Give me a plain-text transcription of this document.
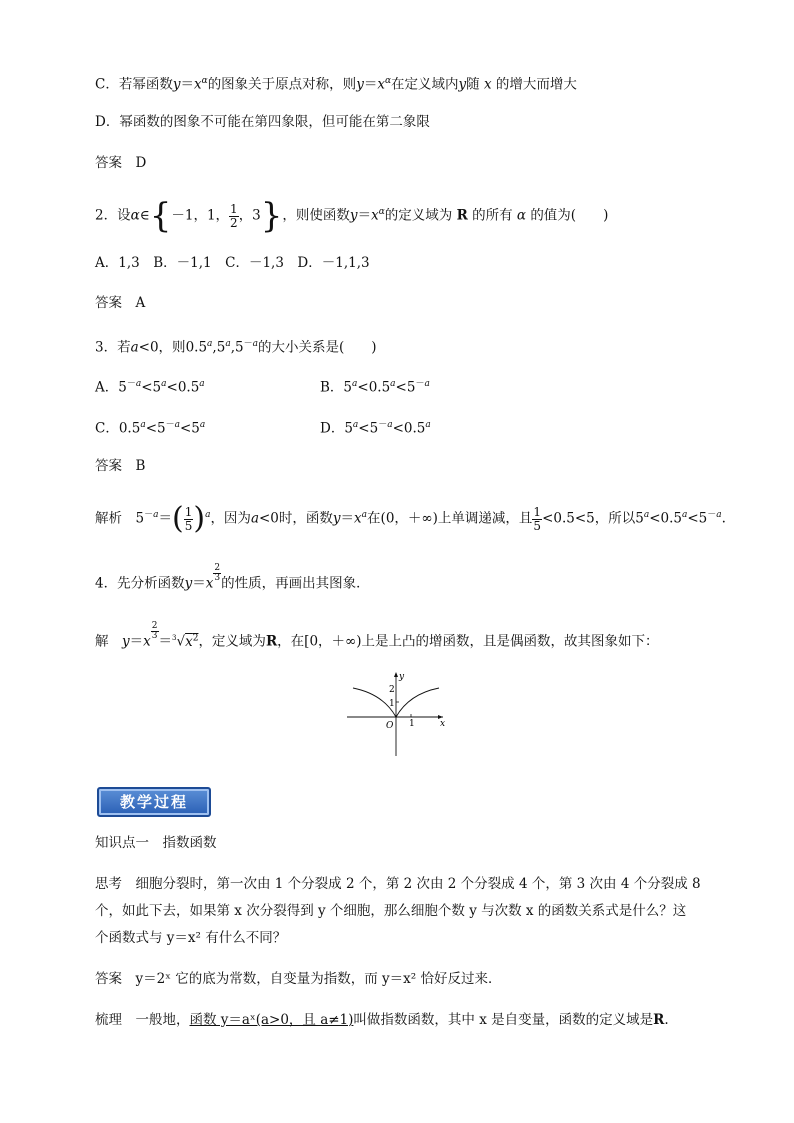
C．若幂函数$y=x^\alpha$的图象关于原点对称，则$y=x^\alpha$在定义域内y随 x 的增大而增大
D．幂函数的图象不可能在第四象限，但可能在第二象限
答案　D
2．设α∈{－1，1， $\frac{1}{2}$ ，3}，则使函数$y=x^\alpha$的定义域为 R 的所有 α 的值为(　　)
A．1,3　B．－1,1　C．－1,3　D．－1,1,3
答案　A
3．若a<0，则$0.5^a,5^a,5^{-a}$的大小关系是(　　)
A．$5^{-a}<5^a<0.5^a$	B．$5^a<0.5^a<5^{-a}$
C．$0.5^a<5^{-a}<5^a$	D．$5^a<5^{-a}<0.5^a$
答案　B
解析　$5^{-a}=( \frac{1}{5} )^a$，因为a<0时，函数$y=x^a$在(0，＋∞)上单调递减，且 $\frac{1}{5} <0.5<5$，所以$5^a<0.5^a<5^{-a}$.
4．先分析函数y＝x
$^{\frac{2}{3}}$
的性质，再画出其图象．
解　y＝x
$^{\frac{2}{3}}$
$=^3√x^2$，定义域为R，在[0，＋∞)上是上凸的增函数，且是偶函数，故其图象如下：
y
x
O
2
1
1
教学过程
知识点一　指数函数
思考　细胞分裂时，第一次由 1 个分裂成 2 个，第 2 次由 2 个分裂成 4 个，第 3 次由 4 个分裂成 8
个，如此下去，如果第 x 次分裂得到 y 个细胞，那么细胞个数 y 与次数 x 的函数关系式是什么？这
个函数式与 y＝x² 有什么不同？
答案　y＝2ˣ 它的底为常数，自变量为指数，而 y＝x² 恰好反过来．
梳理　一般地，函数 y＝aˣ(a>0，且 a≠1)叫做指数函数，其中 x 是自变量，函数的定义域是R.
